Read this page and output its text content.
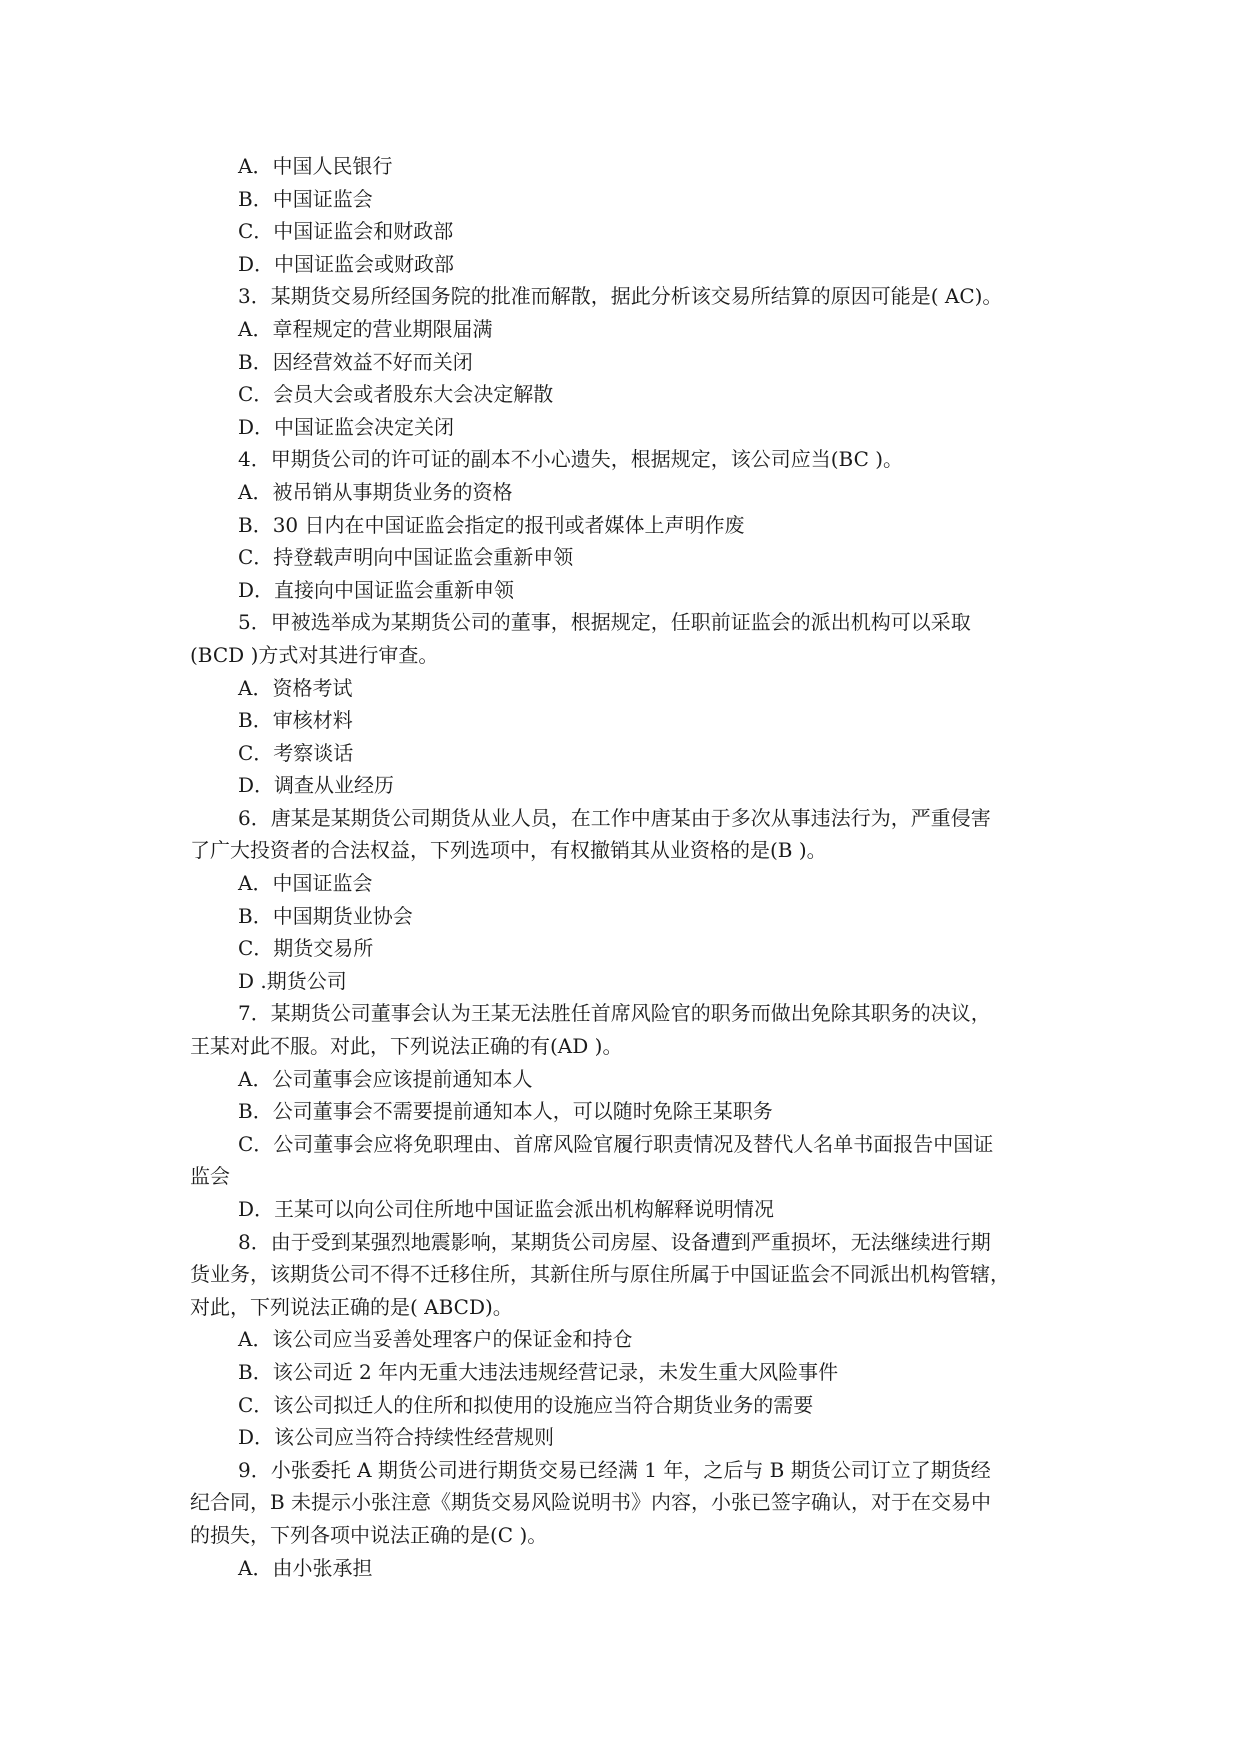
A．中国人民银行

B．中国证监会

C．中国证监会和财政部

D．中国证监会或财政部

3．某期货交易所经国务院的批准而解散，据此分析该交易所结算的原因可能是( AC)。

A．章程规定的营业期限届满

B．因经营效益不好而关闭

C．会员大会或者股东大会决定解散

D．中国证监会决定关闭

4．甲期货公司的许可证的副本不小心遗失，根据规定，该公司应当(BC )。

A．被吊销从事期货业务的资格

B．30 日内在中国证监会指定的报刊或者媒体上声明作废

C．持登载声明向中国证监会重新申领

D．直接向中国证监会重新申领

5．甲被选举成为某期货公司的董事，根据规定，任职前证监会的派出机构可以采取

(BCD )方式对其进行审查。

A．资格考试

B．审核材料

C．考察谈话

D．调查从业经历

6．唐某是某期货公司期货从业人员，在工作中唐某由于多次从事违法行为，严重侵害

了广大投资者的合法权益，下列选项中，有权撤销其从业资格的是(B )。

A．中国证监会

B．中国期货业协会

C．期货交易所

D .期货公司

7．某期货公司董事会认为王某无法胜任首席风险官的职务而做出免除其职务的决议，

王某对此不服。对此，下列说法正确的有(AD )。

A．公司董事会应该提前通知本人

B．公司董事会不需要提前通知本人，可以随时免除王某职务

C．公司董事会应将免职理由、首席风险官履行职责情况及替代人名单书面报告中国证

监会

D．王某可以向公司住所地中国证监会派出机构解释说明情况

8．由于受到某强烈地震影响，某期货公司房屋、设备遭到严重损坏，无法继续进行期

货业务，该期货公司不得不迁移住所，其新住所与原住所属于中国证监会不同派出机构管辖，

对此，下列说法正确的是( ABCD)。

A．该公司应当妥善处理客户的保证金和持仓

B．该公司近 2 年内无重大违法违规经营记录，未发生重大风险事件

C．该公司拟迁人的住所和拟使用的设施应当符合期货业务的需要

D．该公司应当符合持续性经营规则

9．小张委托 A 期货公司进行期货交易已经满 1 年，之后与 B 期货公司订立了期货经

纪合同，B 未提示小张注意《期货交易风险说明书》内容，小张已签字确认，对于在交易中

的损失，下列各项中说法正确的是(C )。

A．由小张承担
